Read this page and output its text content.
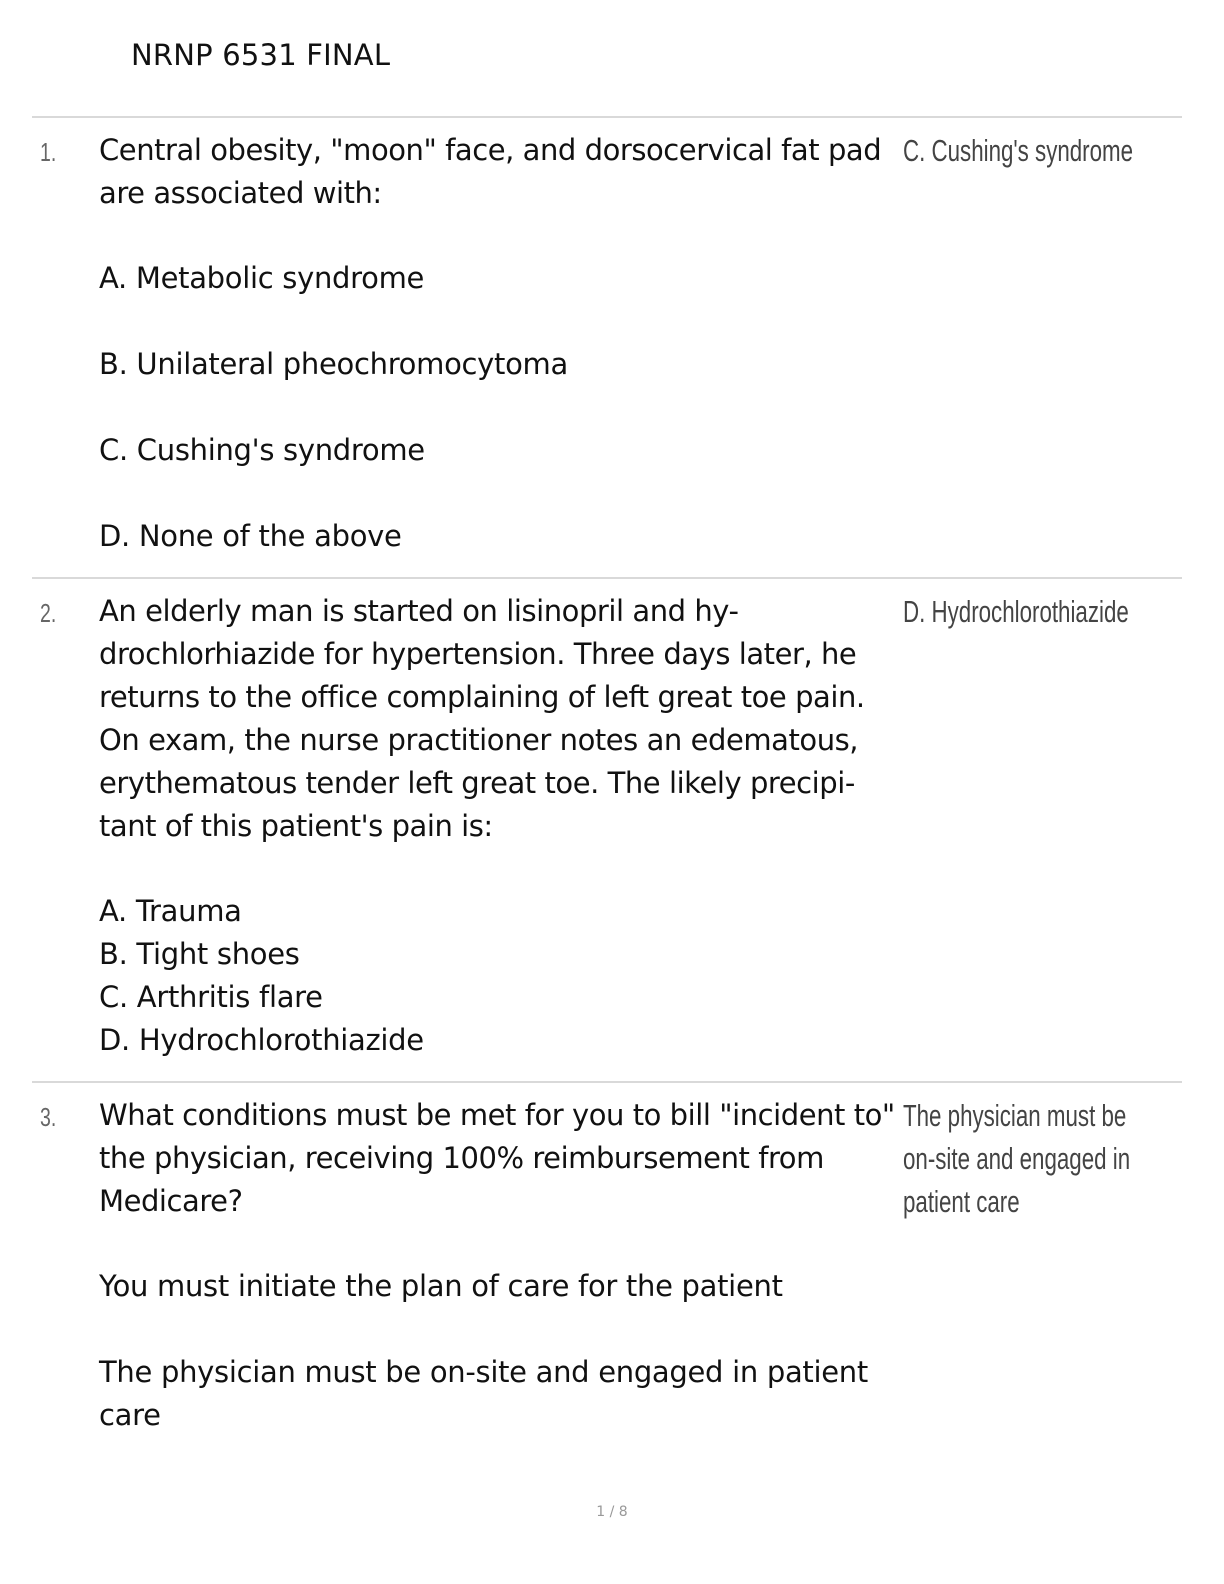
NRNP 6531 FINAL
1. Central obesity, "moon" face, and dorsocervical fat pad are associated with:

A. Metabolic syndrome

B. Unilateral pheochromocytoma

C. Cushing's syndrome

D. None of the above

C. Cushing's syndrome

2. An elderly man is started on lisinopril and hy-drochlorhiazide for hypertension. Three days later, he returns to the office complaining of left great toe pain. On exam, the nurse practitioner notes an edematous, erythematous tender left great toe. The likely precipi-tant of this patient's pain is:

A. Trauma

B. Tight shoes

C. Arthritis flare

D. Hydrochlorothiazide

D. Hydrochlorothiazide

3. What conditions must be met for you to bill "incident to" the physician, receiving 100% reimbursement from Medicare?

You must initiate the plan of care for the patient

The physician must be on-site and engaged in patient care

The physician must be on-site and engaged in patient care

1 / 8
